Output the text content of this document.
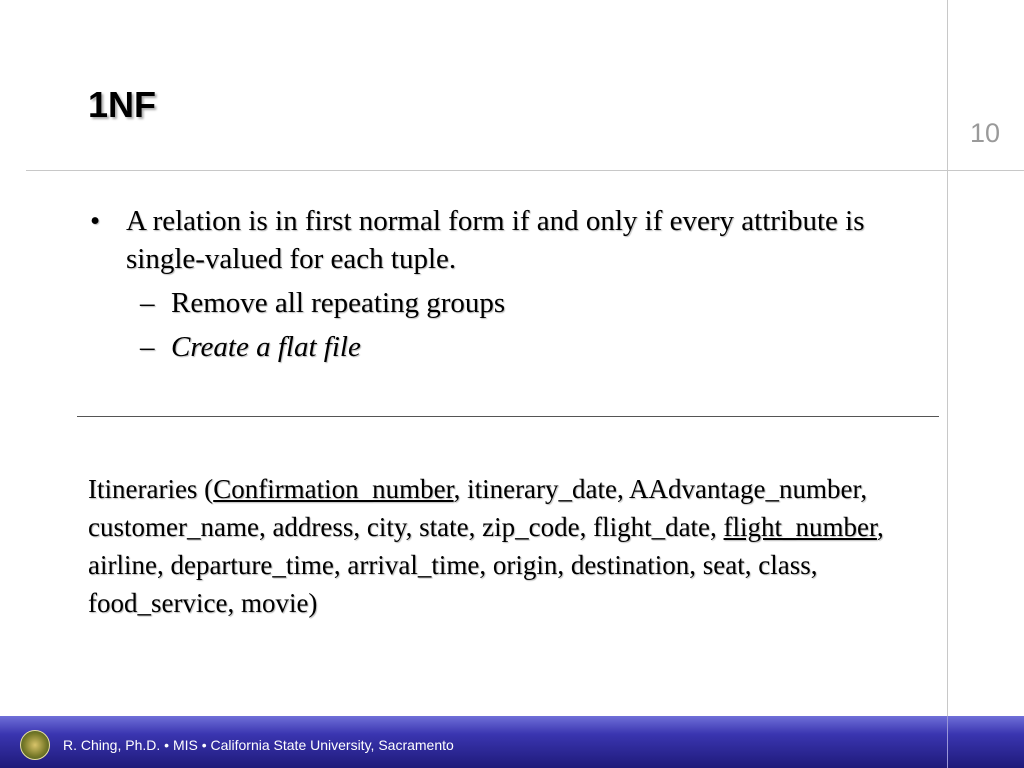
1NF
10
• A relation is in first normal form if and only if every attribute is single-valued for each tuple.
– Remove all repeating groups
– Create a flat file
Itineraries (Confirmation_number, itinerary_date, AAdvantage_number, customer_name, address, city, state, zip_code, flight_date, flight_number, airline, departure_time, arrival_time, origin, destination, seat, class, food_service, movie)
R. Ching, Ph.D. • MIS • California State University, Sacramento
